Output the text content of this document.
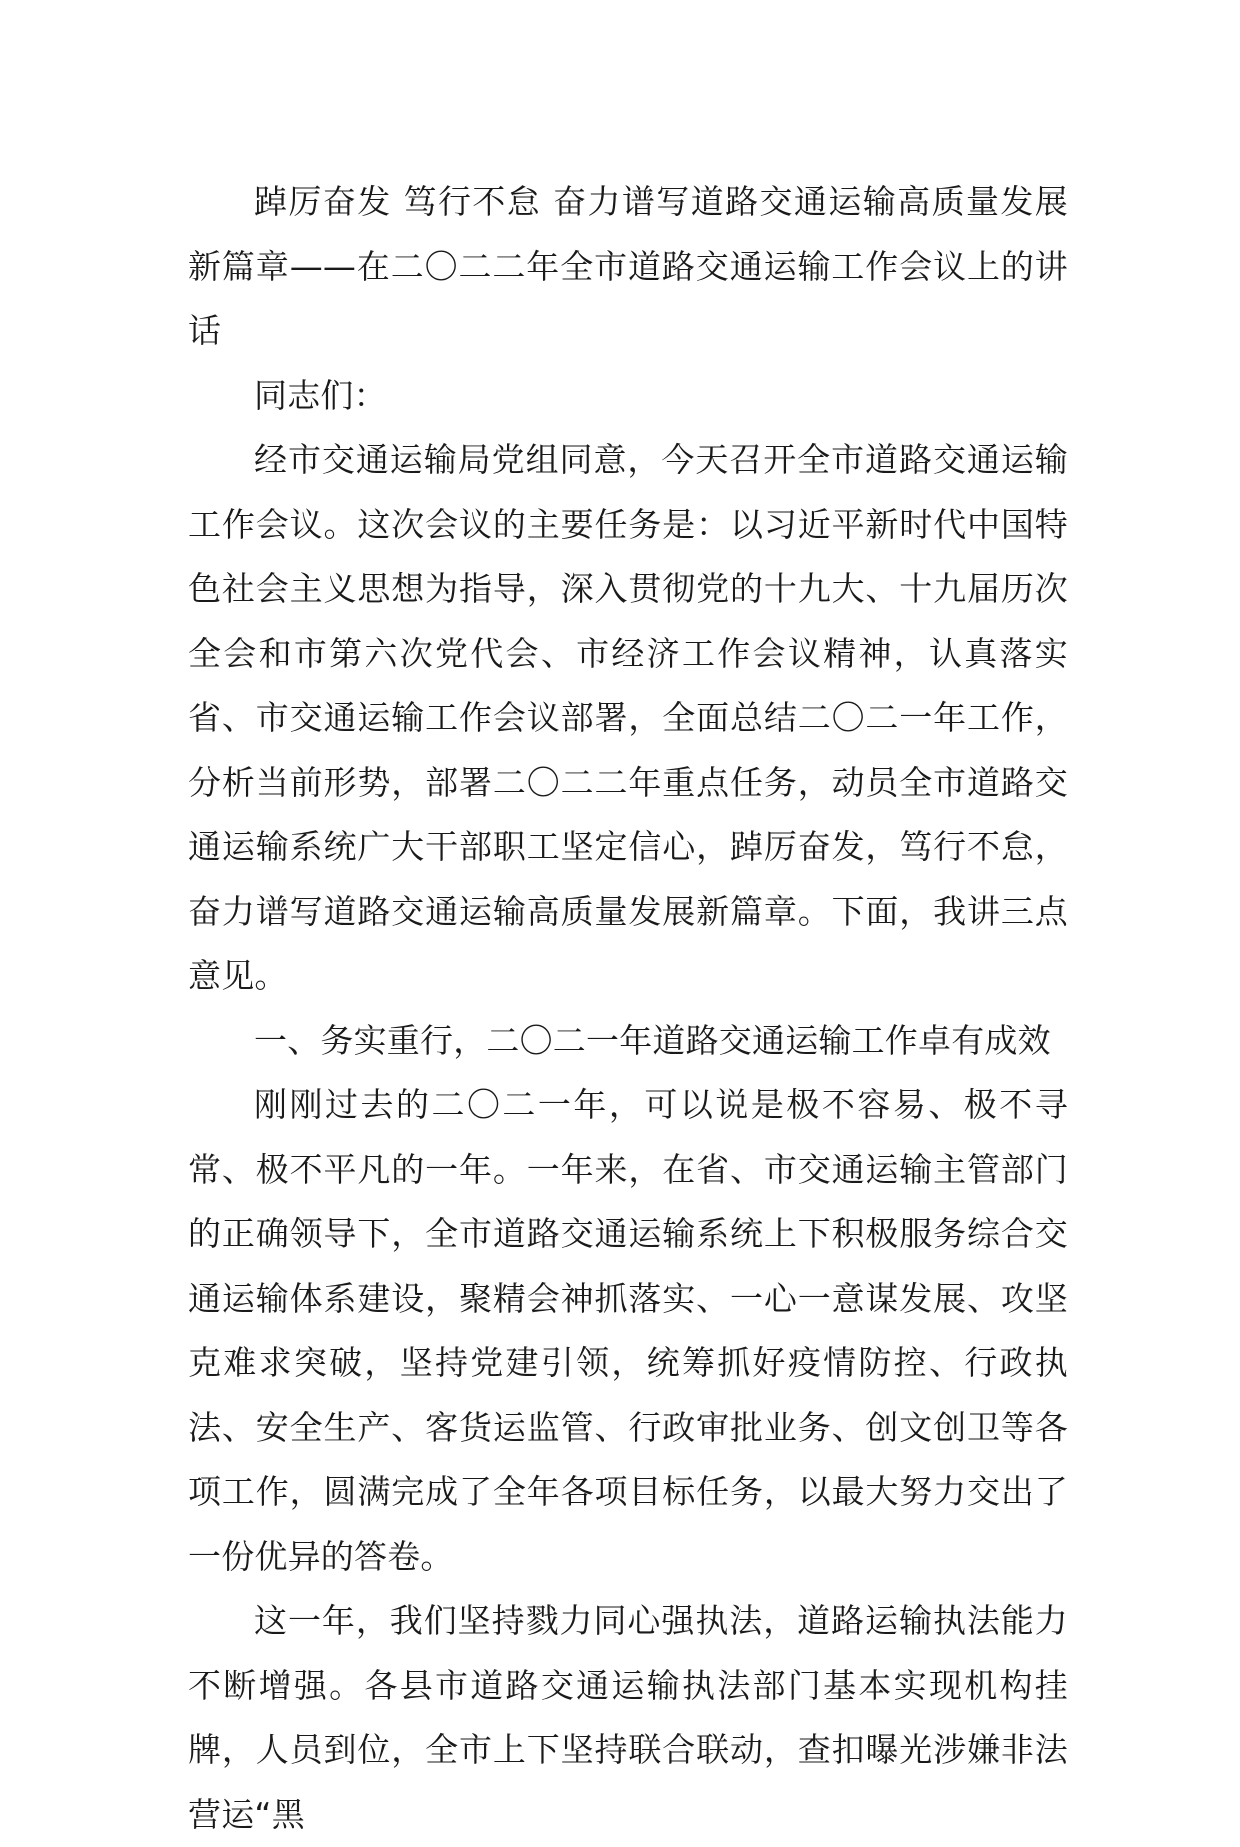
踔厉奋发 笃行不怠 奋力谱写道路交通运输高质量发展新篇章——在二〇二二年全市道路交通运输工作会议上的讲话

同志们：

经市交通运输局党组同意，今天召开全市道路交通运输工作会议。这次会议的主要任务是：以习近平新时代中国特色社会主义思想为指导，深入贯彻党的十九大、十九届历次全会和市第六次党代会、市经济工作会议精神，认真落实省、市交通运输工作会议部署，全面总结二〇二一年工作，分析当前形势，部署二〇二二年重点任务，动员全市道路交通运输系统广大干部职工坚定信心，踔厉奋发，笃行不怠，奋力谱写道路交通运输高质量发展新篇章。下面，我讲三点意见。

一、务实重行，二〇二一年道路交通运输工作卓有成效

刚刚过去的二〇二一年，可以说是极不容易、极不寻常、极不平凡的一年。一年来，在省、市交通运输主管部门的正确领导下，全市道路交通运输系统上下积极服务综合交通运输体系建设，聚精会神抓落实、一心一意谋发展、攻坚克难求突破，坚持党建引领，统筹抓好疫情防控、行政执法、安全生产、客货运监管、行政审批业务、创文创卫等各项工作，圆满完成了全年各项目标任务，以最大努力交出了一份优异的答卷。

这一年，我们坚持戮力同心强执法，道路运输执法能力不断增强。各县市道路交通运输执法部门基本实现机构挂牌，人员到位，全市上下坚持联合联动，查扣曝光涉嫌非法营运“黑
